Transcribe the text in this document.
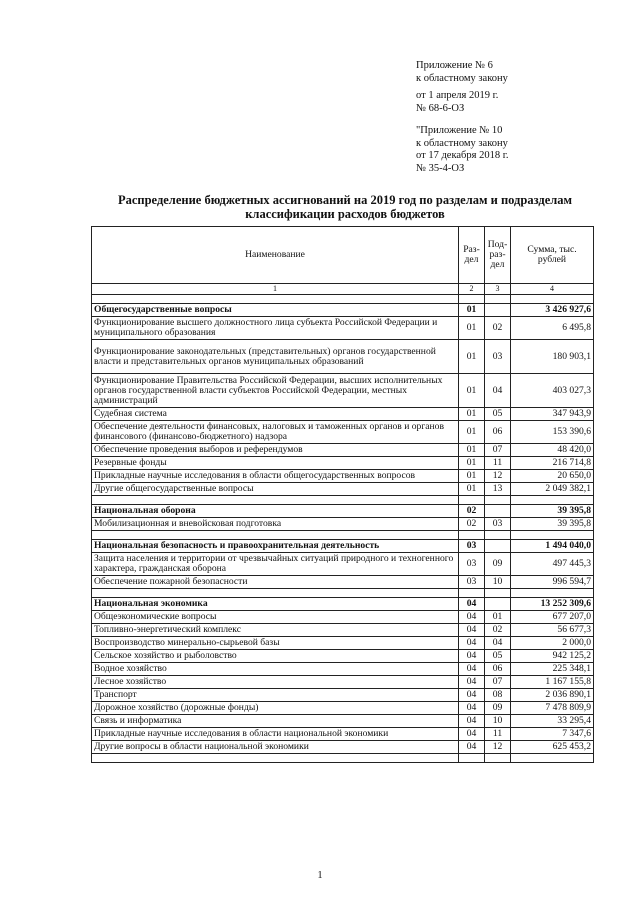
Приложение № 6

к областному закону

от 1 апреля 2019 г.

№ 68-6-ОЗ

"Приложение № 10

к областному закону

от 17 декабря 2018 г.

№ 35-4-ОЗ

Распределение бюджетных ассигнований на 2019 год по разделам и подразделам классификации расходов бюджетов
Наименование	Раз-дел	Под-раз-дел	Сумма, тыс. рублей
1	2	3	4

Общегосударственные вопросы	01		3 426 927,6
Функционирование высшего должностного лица субъекта Российской Федерации и муниципального образования	01	02	6 495,8
Функционирование законодательных (представительных) органов государственной власти и представительных органов муниципальных образований	01	03	180 903,1
Функционирование Правительства Российской Федерации, высших исполнительных органов государственной власти субъектов Российской Федерации, местных администраций	01	04	403 027,3
Судебная система	01	05	347 943,9
Обеспечение деятельности финансовых, налоговых и таможенных органов и органов финансового (финансово-бюджетного) надзора	01	06	153 390,6
Обеспечение проведения выборов и референдумов	01	07	48 420,0
Резервные фонды	01	11	216 714,8
Прикладные научные исследования в области общегосударственных вопросов	01	12	20 650,0
Другие общегосударственные вопросы	01	13	2 049 382,1

Национальная оборона	02		39 395,8
Мобилизационная и вневойсковая подготовка	02	03	39 395,8

Национальная безопасность и правоохранительная деятельность	03		1 494 040,0
Защита населения и территории от чрезвычайных ситуаций природного и техногенного характера, гражданская оборона	03	09	497 445,3
Обеспечение пожарной безопасности	03	10	996 594,7

Национальная экономика	04		13 252 309,6
Общеэкономические вопросы	04	01	677 207,0
Топливно-энергетический комплекс	04	02	56 677,3
Воспроизводство минерально-сырьевой базы	04	04	2 000,0
Сельское хозяйство и рыболовство	04	05	942 125,2
Водное хозяйство	04	06	225 348,1
Лесное хозяйство	04	07	1 167 155,8
Транспорт	04	08	2 036 890,1
Дорожное хозяйство (дорожные фонды)	04	09	7 478 809,9
Связь и информатика	04	10	33 295,4
Прикладные научные исследования в области национальной экономики	04	11	7 347,6
Другие вопросы в области национальной экономики	04	12	625 453,2

1
